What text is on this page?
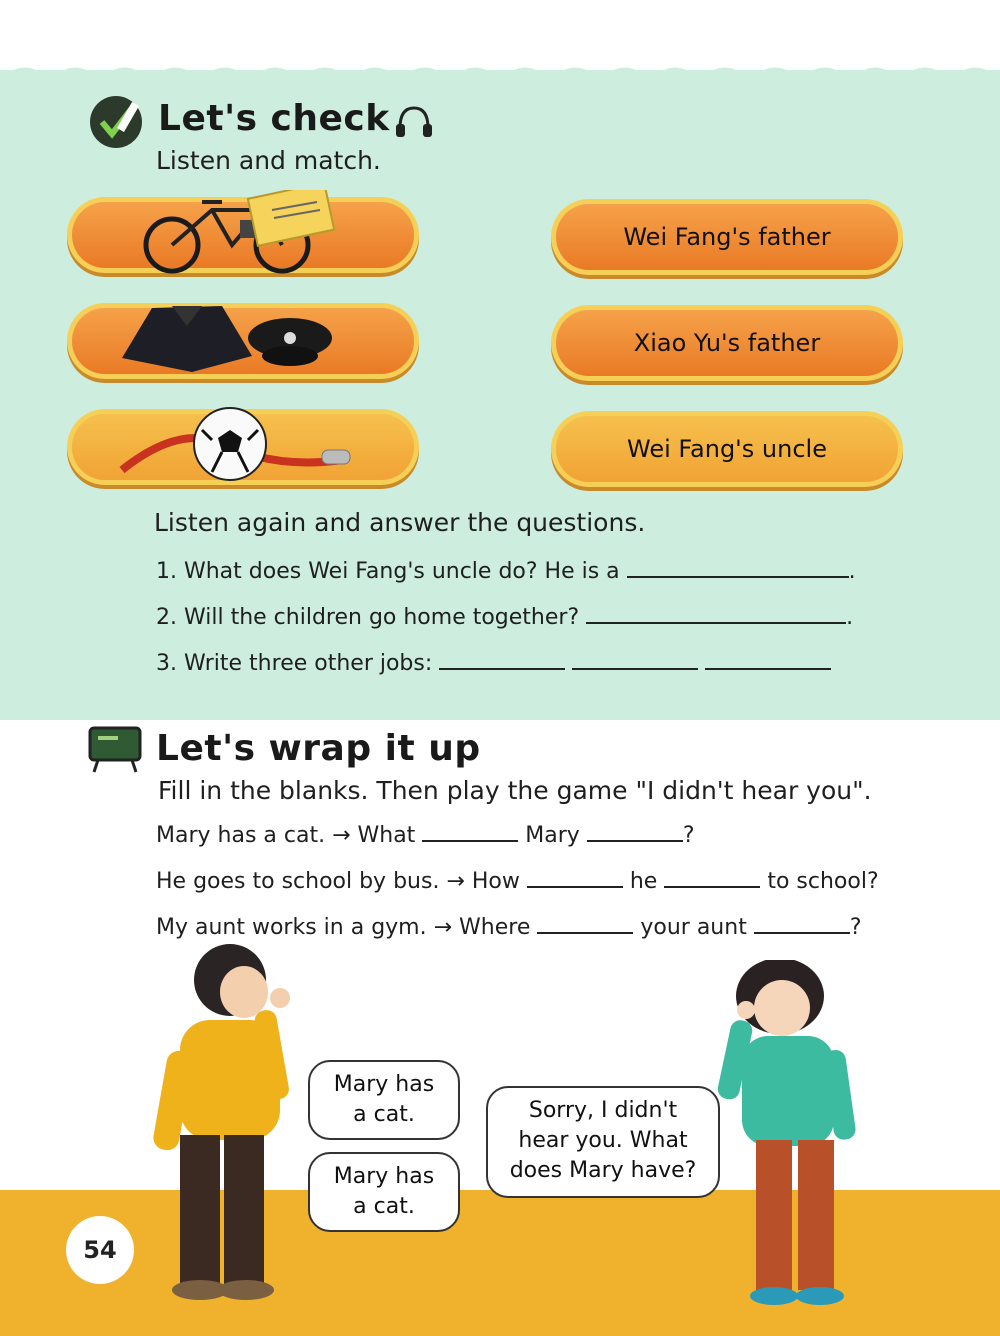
Let's check
Listen and match.
Wei Fang's father
Xiao Yu's father
Wei Fang's uncle
Listen again and answer the questions.
1. What does Wei Fang's uncle do? He is a	.
2. Will the children go home together?	.
3. Write three other jobs:
Let's wrap it up
Fill in the blanks. Then play the game "I didn't hear you".
Mary has a cat. → What	Mary	?
He goes to school by bus. → How	he	to school?
My aunt works in a gym. → Where	your aunt	?
Mary has
a cat.
Mary has
a cat.
Sorry, I didn't
hear you. What
does Mary have?
54
